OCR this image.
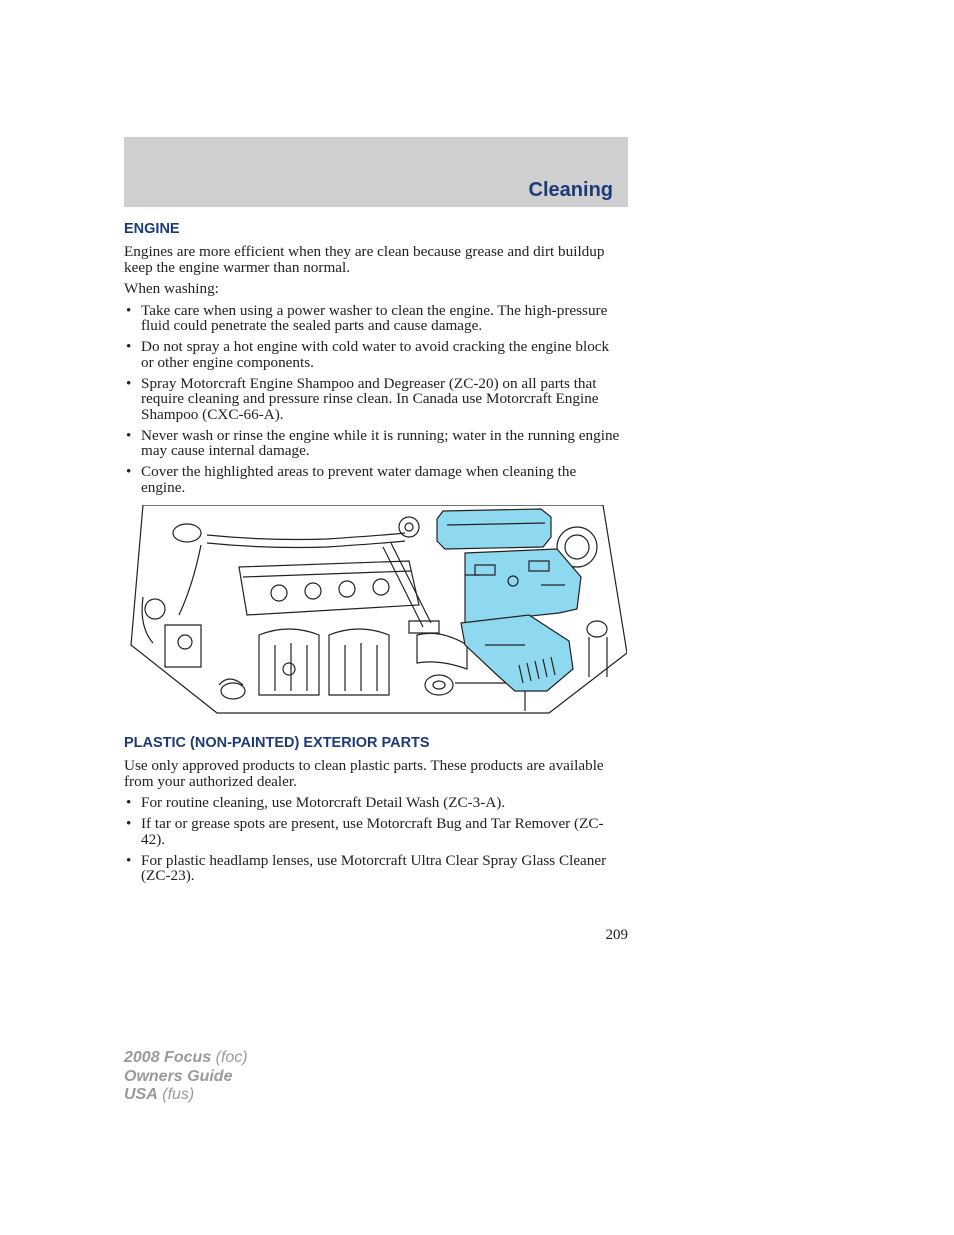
Cleaning
ENGINE

Engines are more efficient when they are clean because grease and dirt buildup keep the engine warmer than normal.

When washing:

• Take care when using a power washer to clean the engine. The high-pressure fluid could penetrate the sealed parts and cause damage.
• Do not spray a hot engine with cold water to avoid cracking the engine block or other engine components.
• Spray Motorcraft Engine Shampoo and Degreaser (ZC-20) on all parts that require cleaning and pressure rinse clean. In Canada use Motorcraft Engine Shampoo (CXC-66-A).
• Never wash or rinse the engine while it is running; water in the running engine may cause internal damage.
• Cover the highlighted areas to prevent water damage when cleaning the engine.
PLASTIC (NON-PAINTED) EXTERIOR PARTS

Use only approved products to clean plastic parts. These products are available from your authorized dealer.

• For routine cleaning, use Motorcraft Detail Wash (ZC-3-A).
• If tar or grease spots are present, use Motorcraft Bug and Tar Remover (ZC-42).
• For plastic headlamp lenses, use Motorcraft Ultra Clear Spray Glass Cleaner (ZC-23).
209
2008 Focus (foc)
Owners Guide
USA (fus)
